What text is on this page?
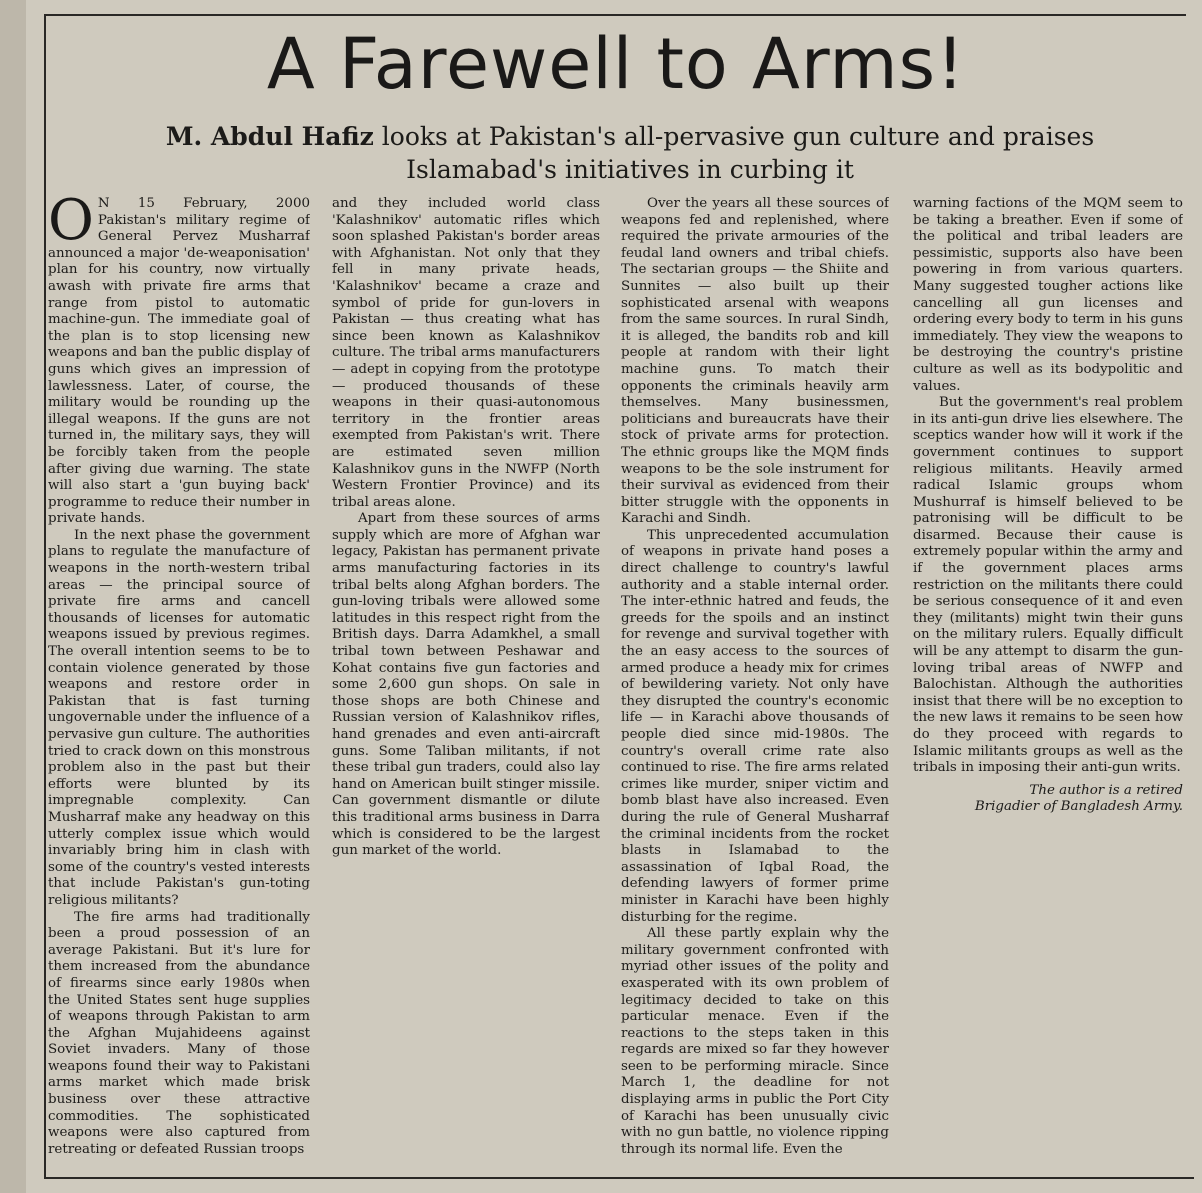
A Farewell to Arms!

M. Abdul Hafiz looks at Pakistan's all-pervasive gun culture and praises Islamabad's initiatives in curbing it

O N 15 February, 2000 Pakistan's military regime of General Pervez Musharraf announced a major 'de-weaponisation' plan for his country, now virtually awash with private fire arms that range from pistol to automatic machine-gun. The immediate goal of the plan is to stop licensing new weapons and ban the public display of guns which gives an impression of lawlessness. Later, of course, the military would be rounding up the illegal weapons. If the guns are not turned in, the military says, they will be forcibly taken from the people after giving due warning. The state will also start a 'gun buying back' programme to reduce their number in private hands.

In the next phase the government plans to regulate the manufacture of weapons in the north-western tribal areas — the principal source of private fire arms and cancell thousands of licenses for automatic weapons issued by previous regimes. The overall intention seems to be to contain violence generated by those weapons and restore order in Pakistan that is fast turning ungovernable under the influence of a pervasive gun culture. The authorities tried to crack down on this monstrous problem also in the past but their efforts were blunted by its impregnable complexity. Can Musharraf make any headway on this utterly complex issue which would invariably bring him in clash with some of the country's vested interests that include Pakistan's gun-toting religious militants?

The fire arms had traditionally been a proud possession of an average Pakistani. But it's lure for them increased from the abundance of firearms since early 1980s when the United States sent huge supplies of weapons through Pakistan to arm the Afghan Mujahideens against Soviet invaders. Many of those weapons found their way to Pakistani arms market which made brisk business over these attractive commodities. The sophisticated weapons were also captured from retreating or defeated Russian troops

and they included world class 'Kalashnikov' automatic rifles which soon splashed Pakistan's border areas with Afghanistan. Not only that they fell in many private heads, 'Kalashnikov' became a craze and symbol of pride for gun-lovers in Pakistan — thus creating what has since been known as Kalashnikov culture. The tribal arms manufacturers — adept in copying from the prototype — produced thousands of these weapons in their quasi-autonomous territory in the frontier areas exempted from Pakistan's writ. There are estimated seven million Kalashnikov guns in the NWFP (North Western Frontier Province) and its tribal areas alone.

Apart from these sources of arms supply which are more of Afghan war legacy, Pakistan has permanent private arms manufacturing factories in its tribal belts along Afghan borders. The gun-loving tribals were allowed some latitudes in this respect right from the British days. Darra Adamkhel, a small tribal town between Peshawar and Kohat contains five gun factories and some 2,600 gun shops. On sale in those shops are both Chinese and Russian version of Kalashnikov rifles, hand grenades and even anti-aircraft guns. Some Taliban militants, if not these tribal gun traders, could also lay hand on American built stinger missile. Can government dismantle or dilute this traditional arms business in Darra which is considered to be the largest gun market of the world.

Over the years all these sources of weapons fed and replenished, where required the private armouries of the feudal land owners and tribal chiefs. The sectarian groups — the Shiite and Sunnites — also built up their sophisticated arsenal with weapons from the same sources. In rural Sindh, it is alleged, the bandits rob and kill people at random with their light machine guns. To match their opponents the criminals heavily arm themselves. Many businessmen, politicians and bureaucrats have their stock of private arms for protection. The ethnic groups like the MQM finds weapons to be the sole instrument for their survival as evidenced from their bitter struggle with the opponents in Karachi and Sindh.

This unprecedented accumulation of weapons in private hand poses a direct challenge to country's lawful authority and a stable internal order. The inter-ethnic hatred and feuds, the greeds for the spoils and an instinct for revenge and survival together with the an easy access to the sources of armed produce a heady mix for crimes of bewildering variety. Not only have they disrupted the country's economic life — in Karachi above thousands of people died since mid-1980s. The country's overall crime rate also continued to rise. The fire arms related crimes like murder, sniper victim and bomb blast have also increased. Even during the rule of General Musharraf the criminal incidents from the rocket blasts in Islamabad to the assassination of Iqbal Road, the defending lawyers of former prime minister in Karachi have been highly disturbing for the regime.

All these partly explain why the military government confronted with myriad other issues of the polity and exasperated with its own problem of legitimacy decided to take on this particular menace. Even if the reactions to the steps taken in this regards are mixed so far they however seen to be performing miracle. Since March 1, the deadline for not displaying arms in public the Port City of Karachi has been unusually civic with no gun battle, no violence ripping through its normal life. Even the

warning factions of the MQM seem to be taking a breather. Even if some of the political and tribal leaders are pessimistic, supports also have been powering in from various quarters. Many suggested tougher actions like cancelling all gun licenses and ordering every body to term in his guns immediately. They view the weapons to be destroying the country's pristine culture as well as its bodypolitic and values.

But the government's real problem in its anti-gun drive lies elsewhere. The sceptics wander how will it work if the government continues to support religious militants. Heavily armed radical Islamic groups whom Mushurraf is himself believed to be patronising will be difficult to be disarmed. Because their cause is extremely popular within the army and if the government places arms restriction on the militants there could be serious consequence of it and even they (militants) might twin their guns on the military rulers. Equally difficult will be any attempt to disarm the gun-loving tribal areas of NWFP and Balochistan. Although the authorities insist that there will be no exception to the new laws it remains to be seen how do they proceed with regards to Islamic militants groups as well as the tribals in imposing their anti-gun writs.

The author is a retired
Brigadier of Bangladesh Army.
